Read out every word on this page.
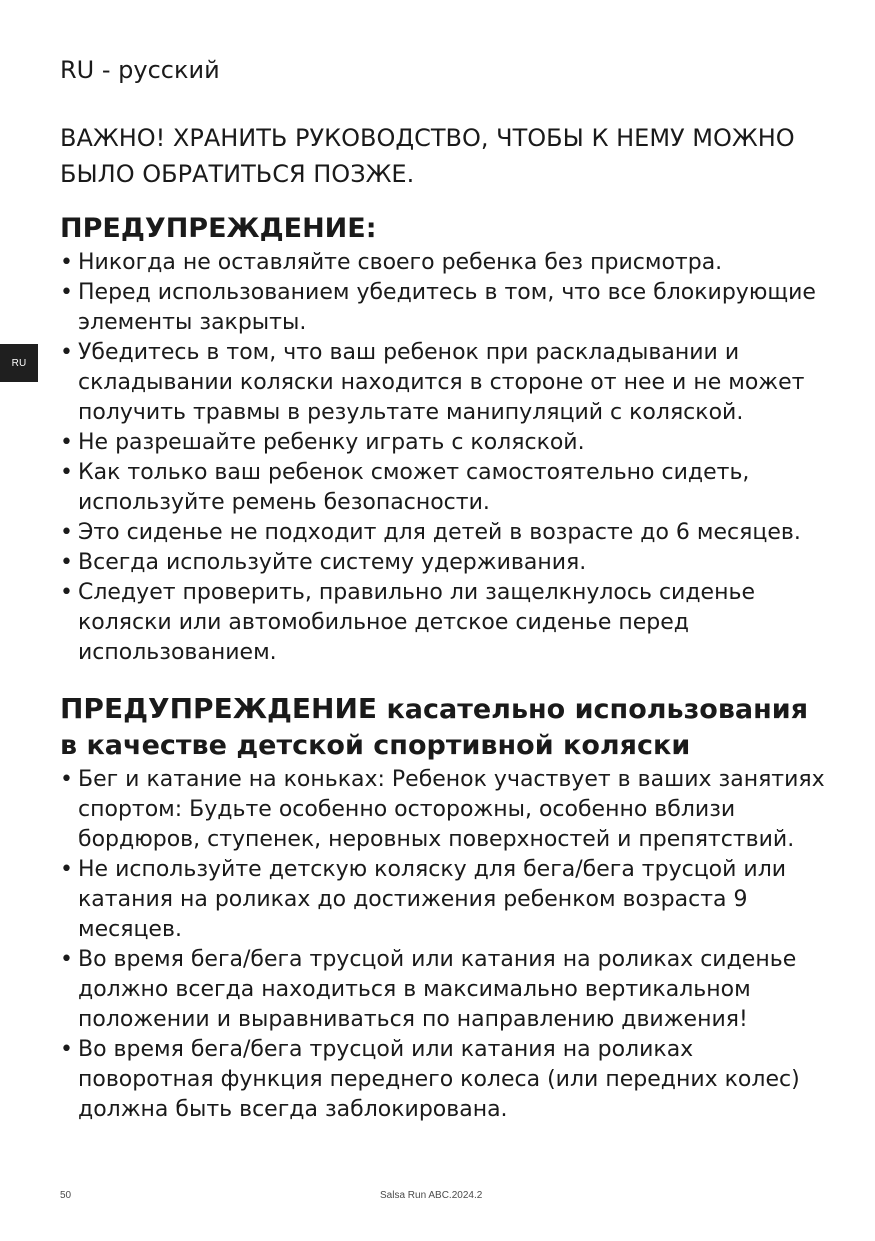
RU

RU - русский

ВАЖНО! ХРАНИТЬ РУКОВОДСТВО, ЧТОБЫ К НЕМУ МОЖНО БЫЛО ОБРАТИТЬСЯ ПОЗЖЕ.

ПРЕДУПРЕЖДЕНИЕ:
• Никогда не оставляйте своего ребенка без присмотра.
• Перед использованием убедитесь в том, что все блокирующие элементы закрыты.
• Убедитесь в том, что ваш ребенок при раскладывании и складывании коляски находится в стороне от нее и не может получить травмы в результате манипуляций с коляской.
• Не разрешайте ребенку играть с коляской.
• Как только ваш ребенок сможет самостоятельно сидеть, используйте ремень безопасности.
• Это сиденье не подходит для детей в возрасте до 6 месяцев.
• Всегда используйте систему удерживания.
• Следует проверить, правильно ли защелкнулось сиденье коляски или автомобильное детское сиденье перед использованием.
ПРЕДУПРЕЖДЕНИЕ касательно использования в качестве детской спортивной коляски
• Бег и катание на коньках: Ребенок участвует в ваших занятиях спортом: Будьте особенно осторожны, особенно вблизи бордюров, ступенек, неровных поверхностей и препятствий.
• Не используйте детскую коляску для бега/бега трусцой или катания на роликах до достижения ребенком возраста 9 месяцев.
• Во время бега/бега трусцой или катания на роликах сиденье должно всегда находиться в максимально вертикальном положении и выравниваться по направлению движения!
• Во время бега/бега трусцой или катания на роликах поворотная функция переднего колеса (или передних колес) должна быть всегда заблокирована.
50	Salsa Run ABC.2024.2
